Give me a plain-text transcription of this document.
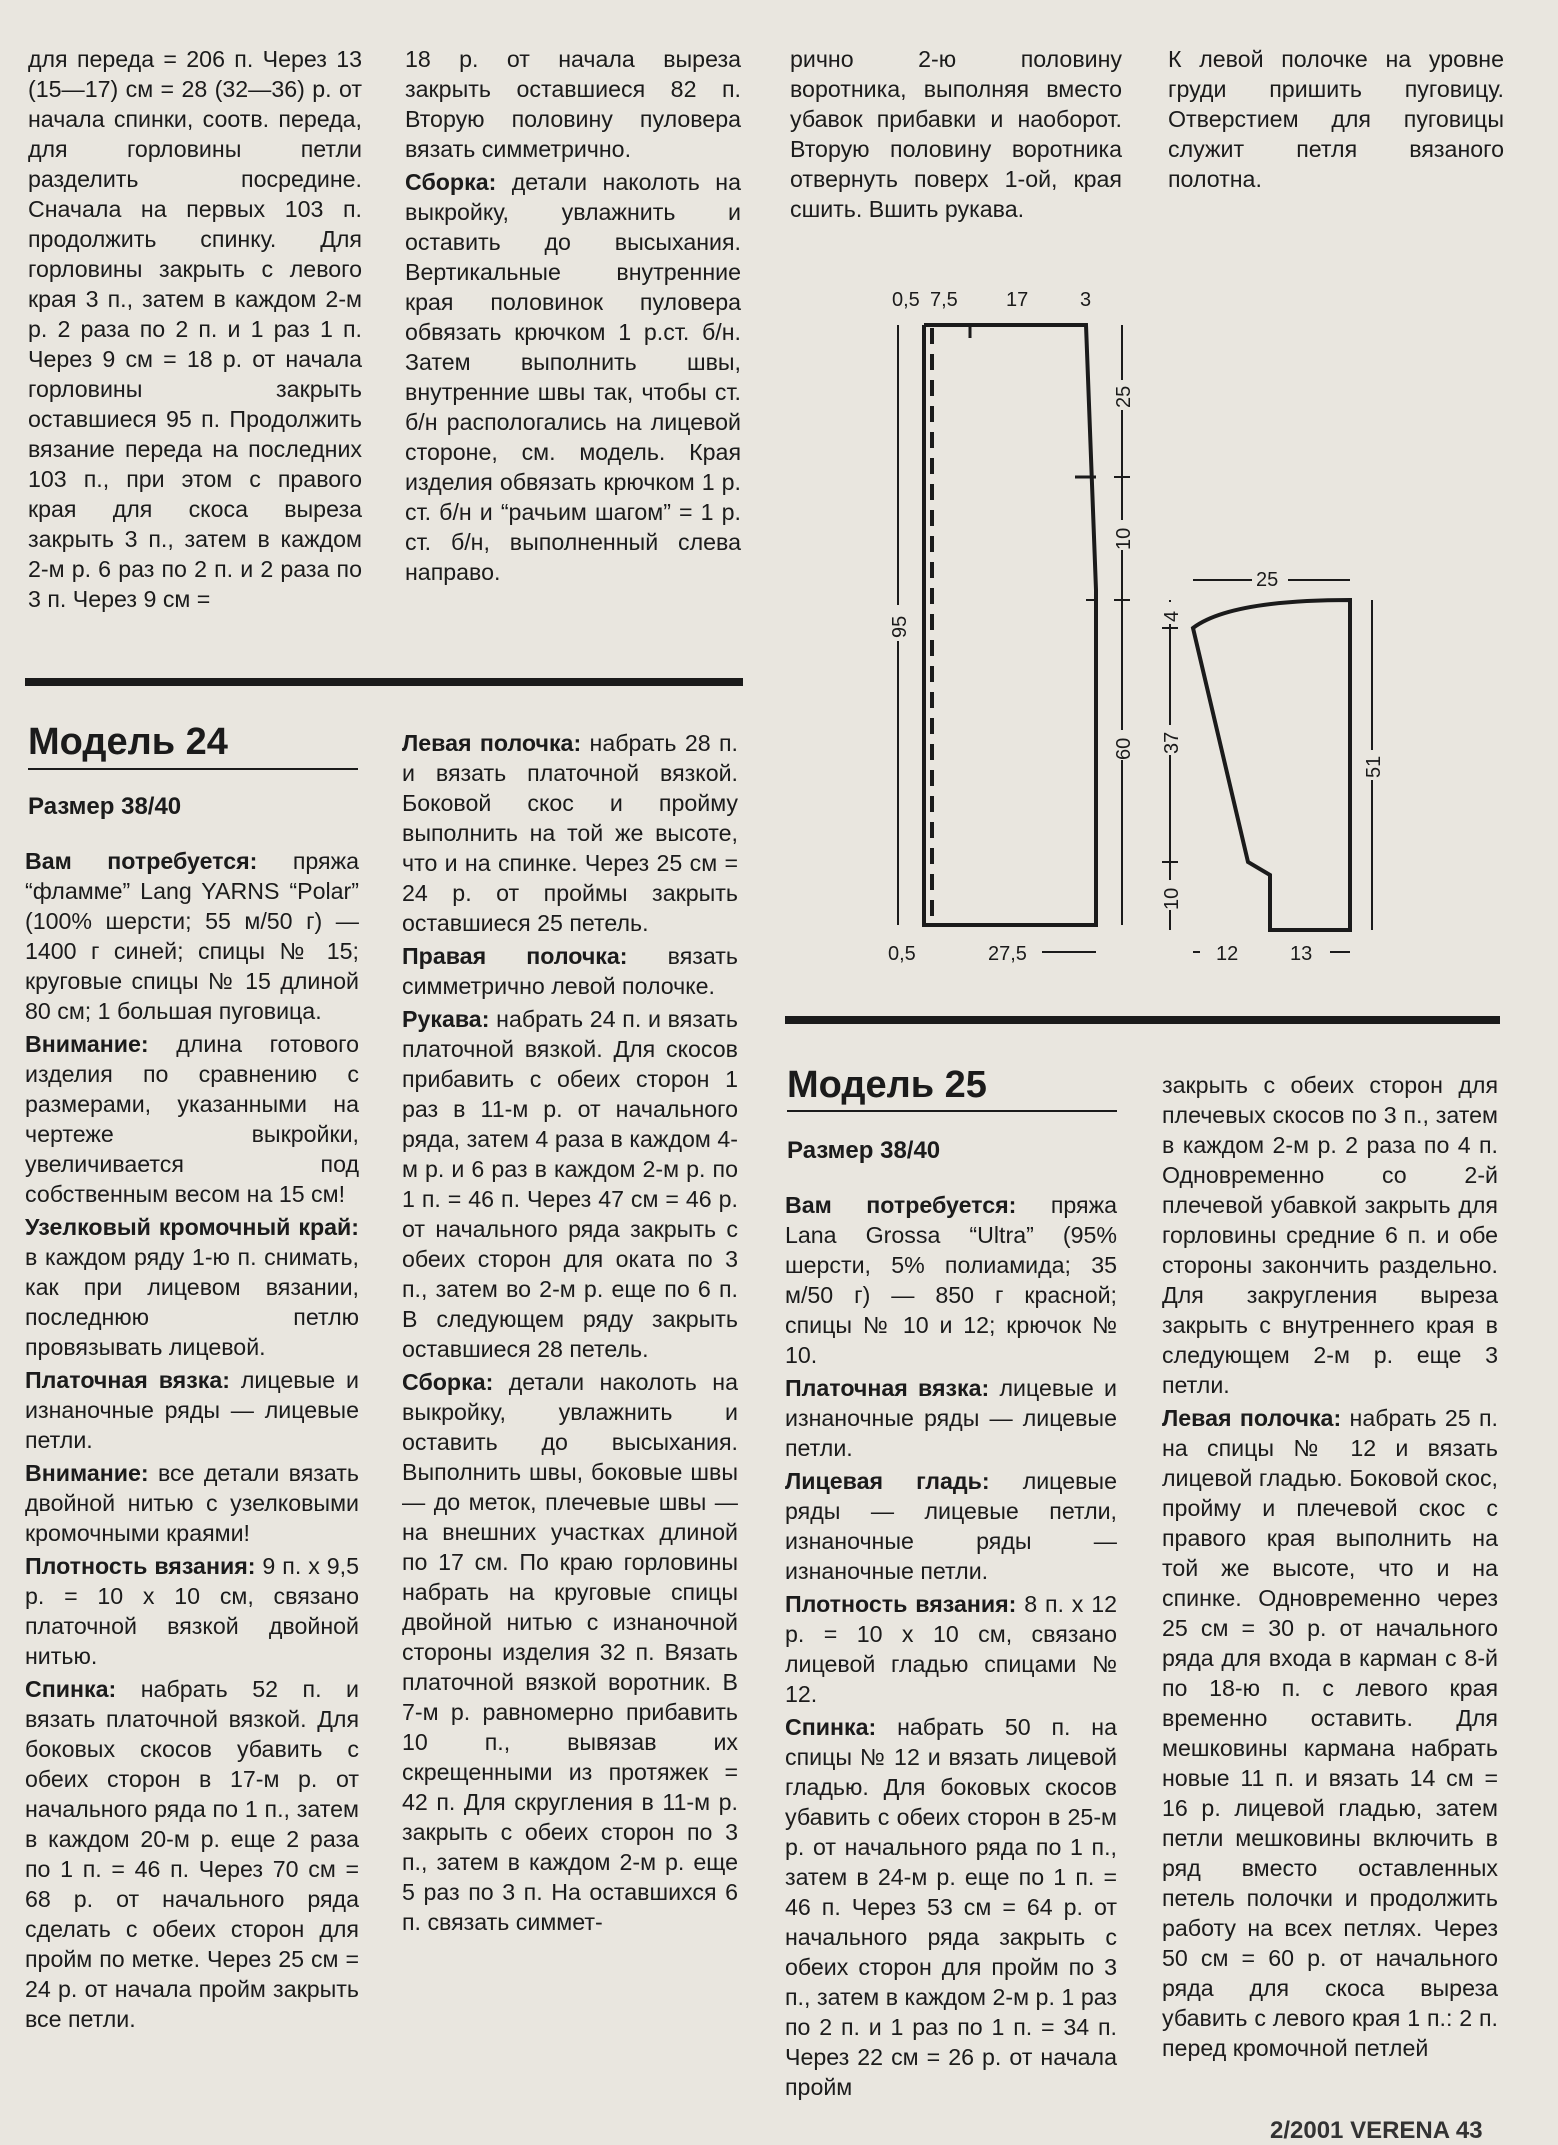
для переда = 206 п. Через 13 (15—17) см = 28 (32—36) р. от начала спинки, соотв. переда, для горловины петли разделить посредине. Сначала на первых 103 п. продолжить спинку. Для горловины закрыть с левого края 3 п., затем в каждом 2-м р. 2 раза по 2 п. и 1 раз 1 п. Через 9 см = 18 р. от начала горловины закрыть оставшиеся 95 п. Продолжить вязание переда на последних 103 п., при этом с правого края для скоса выреза закрыть 3 п., затем в каждом 2-м р. 6 раз по 2 п. и 2 раза по 3 п. Через 9 см =

18 р. от начала выреза закрыть оставшиеся 82 п. Вторую половину пуловера вязать симметрично.

Сборка: детали наколоть на выкройку, увлажнить и оставить до высыхания. Вертикальные внутренние края половинок пуловера обвязать крючком 1 р.ст. б/н. Затем выполнить швы, внутренние швы так, чтобы ст. б/н распологались на лицевой стороне, см. модель. Края изделия обвязать крючком 1 р. ст. б/н и “рачьим шагом” = 1 р. ст. б/н, выполненный слева направо.

рично 2-ю половину воротника, выполняя вместо убавок прибавки и наоборот. Вторую половину воротника отвернуть поверх 1-ой, края сшить. Вшить рукава.

К левой полочке на уровне груди пришить пуговицу. Отверстием для пуговицы служит петля вязаного полотна.

Модель 24
Размер 38/40

Вам потребуется: пряжа “фламме” Lang YARNS “Polar” (100% шерсти; 55 м/50 г) — 1400 г синей; спицы № 15; круговые спицы № 15 длиной 80 см; 1 большая пуговица.

Внимание: длина готового изделия по сравнению с размерами, указанными на чертеже выкройки, увеличивается под собственным весом на 15 см!

Узелковый кромочный край: в каждом ряду 1-ю п. снимать, как при лицевом вязании, последнюю петлю провязывать лицевой.

Платочная вязка: лицевые и изнаночные ряды — лицевые петли.

Внимание: все детали вязать двойной нитью с узелковыми кромочными краями!

Плотность вязания: 9 п. х 9,5 р. = 10 х 10 см, связано платочной вязкой двойной нитью.

Спинка: набрать 52 п. и вязать платочной вязкой. Для боковых скосов убавить с обеих сторон в 17-м р. от начального ряда по 1 п., затем в каждом 20-м р. еще 2 раза по 1 п. = 46 п. Через 70 см = 68 р. от начального ряда сделать с обеих сторон для пройм по метке. Через 25 см = 24 р. от начала пройм закрыть все петли.

Левая полочка: набрать 28 п. и вязать платочной вязкой. Боковой скос и пройму выполнить на той же высоте, что и на спинке. Через 25 см = 24 р. от проймы закрыть оставшиеся 25 петель.

Правая полочка: вязать симметрично левой полочке.

Рукава: набрать 24 п. и вязать платочной вязкой. Для скосов прибавить с обеих сторон 1 раз в 11-м р. от начального ряда, затем 4 раза в каждом 4-м р. и 6 раз в каждом 2-м р. по 1 п. = 46 п. Через 47 см = 46 р. от начального ряда закрыть с обеих сторон для оката по 3 п., затем во 2-м р. еще по 6 п. В следующем ряду закрыть оставшиеся 28 петель.

Сборка: детали наколоть на выкройку, увлажнить и оставить до высыхания. Выполнить швы, боковые швы — до меток, плечевые швы — на внешних участках длиной по 17 см. По краю горловины набрать на круговые спицы двойной нитью с изнаночной стороны изделия 32 п. Вязать платочной вязкой воротник. В 7-м р. равномерно прибавить 10 п., вывязав их скрещенными из протяжек = 42 п. Для скругления в 11-м р. закрыть с обеих сторон по 3 п., затем в каждом 2-м р. еще 5 раз по 3 п. На оставшихся 6 п. связать симмет-

0,5 7,5 17	3
95
25
10
60
0,5	27,5
25
4
37
10
51
12	13
Модель 25
Размер 38/40

Вам потребуется: пряжа Lana Grossa “Ultra” (95% шерсти, 5% полиамида; 35 м/50 г) — 850 г красной; спицы № 10 и 12; крючок № 10.

Платочная вязка: лицевые и изнаночные ряды — лицевые петли.

Лицевая гладь: лицевые ряды — лицевые петли, изнаночные ряды — изнаночные петли.

Плотность вязания: 8 п. х 12 р. = 10 х 10 см, связано лицевой гладью спицами № 12.

Спинка: набрать 50 п. на спицы № 12 и вязать лицевой гладью. Для боковых скосов убавить с обеих сторон в 25-м р. от начального ряда по 1 п., затем в 24-м р. еще по 1 п. = 46 п. Через 53 см = 64 р. от начального ряда закрыть с обеих сторон для пройм по 3 п., затем в каждом 2-м р. 1 раз по 2 п. и 1 раз по 1 п. = 34 п. Через 22 см = 26 р. от начала пройм

закрыть с обеих сторон для плечевых скосов по 3 п., затем в каждом 2-м р. 2 раза по 4 п. Одновременно со 2-й плечевой убавкой закрыть для горловины средние 6 п. и обе стороны закончить раздельно. Для закругления выреза закрыть с внутреннего края в следующем 2-м р. еще 3 петли.

Левая полочка: набрать 25 п. на спицы № 12 и вязать лицевой гладью. Боковой скос, пройму и плечевой скос с правого края выполнить на той же высоте, что и на спинке. Одновременно через 25 см = 30 р. от начального ряда для входа в карман с 8-й по 18-ю п. с левого края временно оставить. Для мешковины кармана набрать новые 11 п. и вязать 14 см = 16 р. лицевой гладью, затем петли мешковины включить в ряд вместо оставленных петель полочки и продолжить работу на всех петлях. Через 50 см = 60 р. от начального ряда для скоса выреза убавить с левого края 1 п.: 2 п. перед кромочной петлей

2/2001 VERENA 43
